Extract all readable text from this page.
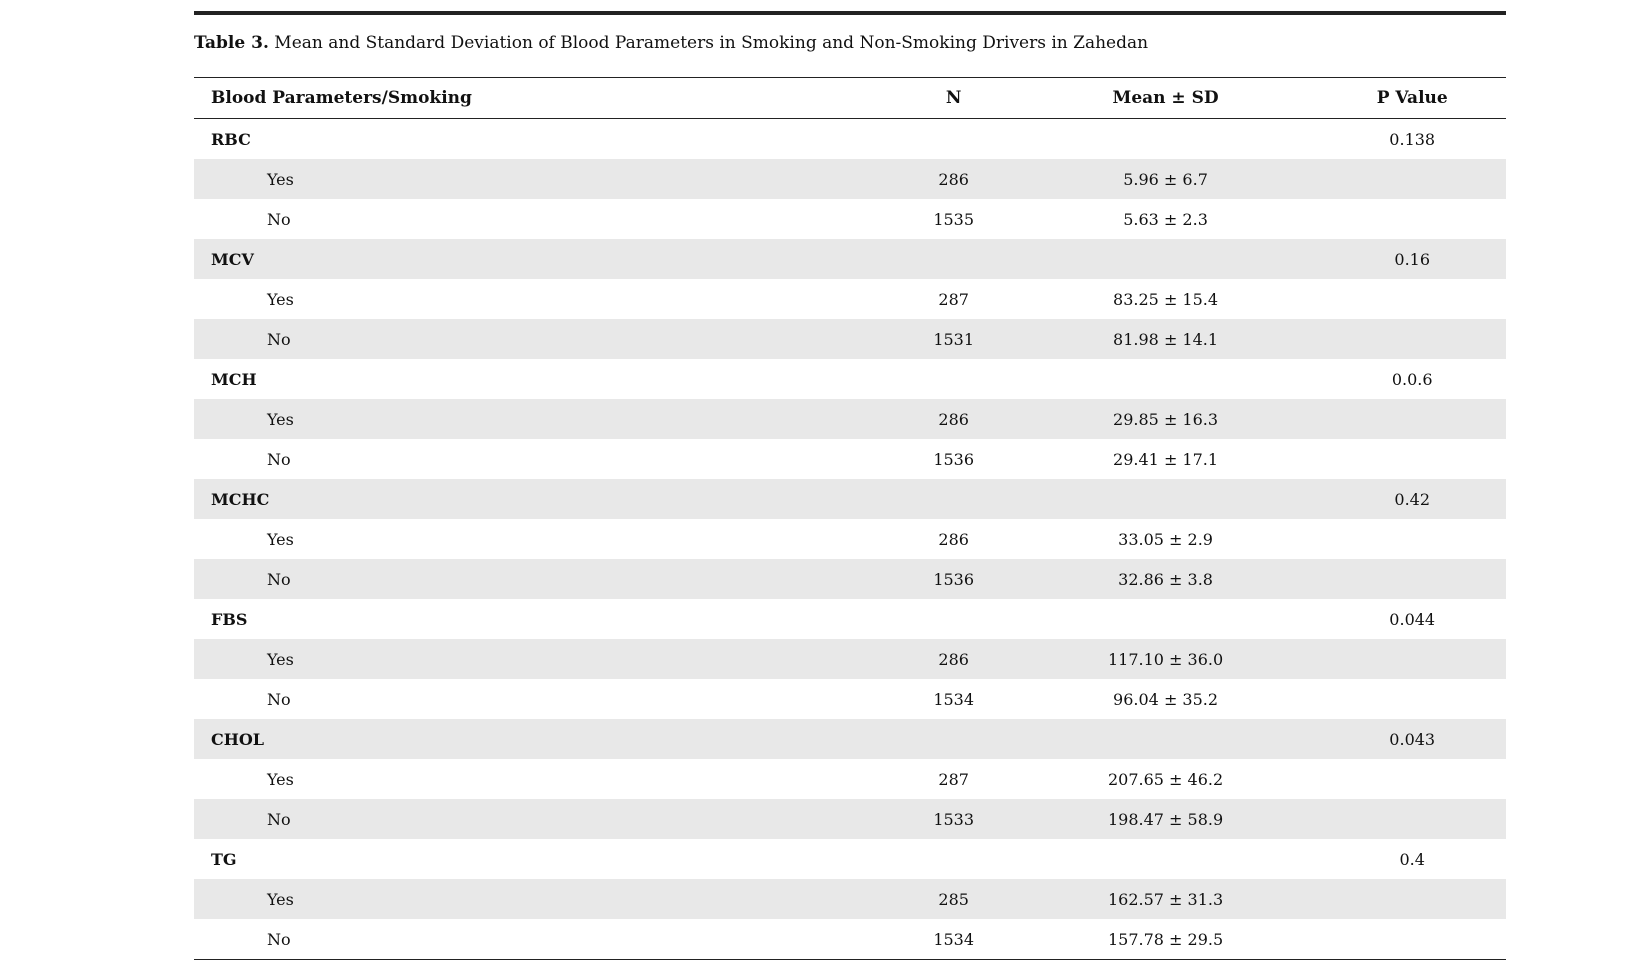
Table 3. Mean and Standard Deviation of Blood Parameters in Smoking and Non-Smoking Drivers in Zahedan
Blood Parameters/Smoking	N	Mean ± SD	P Value
RBC			0.138
Yes	286	5.96 ± 6.7	
No	1535	5.63 ± 2.3	
MCV			0.16
Yes	287	83.25 ± 15.4	
No	1531	81.98 ± 14.1	
MCH			0.0.6
Yes	286	29.85 ± 16.3	
No	1536	29.41 ± 17.1	
MCHC			0.42
Yes	286	33.05 ± 2.9	
No	1536	32.86 ± 3.8	
FBS			0.044
Yes	286	117.10 ± 36.0	
No	1534	96.04 ± 35.2	
CHOL			0.043
Yes	287	207.65 ± 46.2	
No	1533	198.47 ± 58.9	
TG			0.4
Yes	285	162.57 ± 31.3	
No	1534	157.78 ± 29.5	
